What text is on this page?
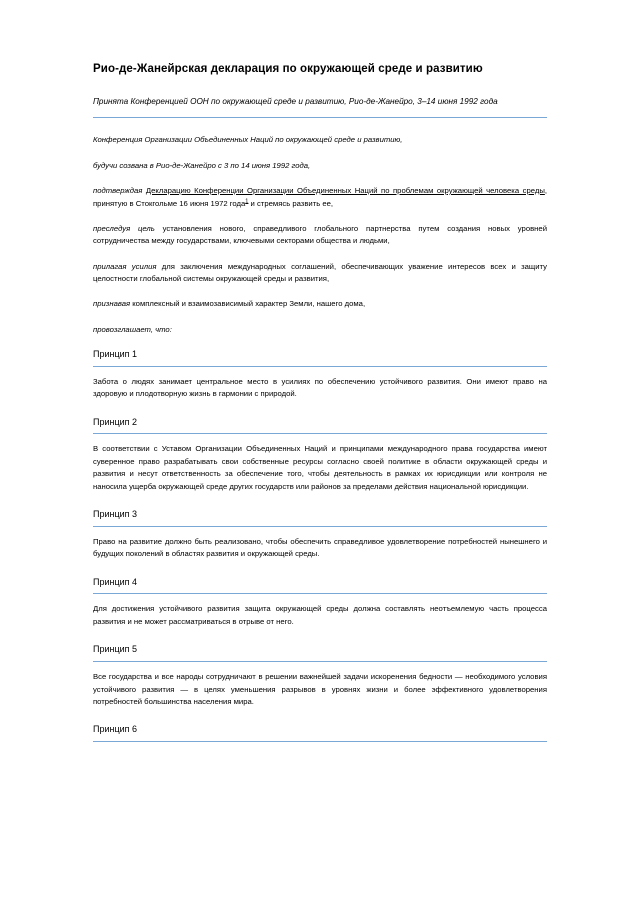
Рио-де-Жанейрская декларация по окружающей среде и развитию

Принята Конференцией ООН по окружающей среде и развитию, Рио-де-Жанейро, 3–14 июня 1992 года

Конференция Организации Объединенных Наций по окружающей среде и развитию,

будучи созвана в Рио-де-Жанейро с 3 по 14 июня 1992 года,

подтверждая Декларацию Конференции Организации Объединенных Наций по проблемам окружающей человека среды, принятую в Стокгольме 16 июня 1972 года$^1$ и стремясь развить ее,

преследуя цель установления нового, справедливого глобального партнерства путем создания новых уровней сотрудничества между государствами, ключевыми секторами общества и людьми,

прилагая усилия для заключения международных соглашений, обеспечивающих уважение интересов всех и защиту целостности глобальной системы окружающей среды и развития,

признавая комплексный и взаимозависимый характер Земли, нашего дома,

провозглашает, что:

Принцип 1

Забота о людях занимает центральное место в усилиях по обеспечению устойчивого развития. Они имеют право на здоровую и плодотворную жизнь в гармонии с природой.

Принцип 2

В соответствии с Уставом Организации Объединенных Наций и принципами международного права государства имеют суверенное право разрабатывать свои собственные ресурсы согласно своей политике в области окружающей среды и развития и несут ответственность за обеспечение того, чтобы деятельность в рамках их юрисдикции или контроля не наносила ущерба окружающей среде других государств или районов за пределами действия национальной юрисдикции.

Принцип 3

Право на развитие должно быть реализовано, чтобы обеспечить справедливое удовлетворение потребностей нынешнего и будущих поколений в областях развития и окружающей среды.

Принцип 4

Для достижения устойчивого развития защита окружающей среды должна составлять неотъемлемую часть процесса развития и не может рассматриваться в отрыве от него.

Принцип 5

Все государства и все народы сотрудничают в решении важнейшей задачи искоренения бедности — необходимого условия устойчивого развития — в целях уменьшения разрывов в уровнях жизни и более эффективного удовлетворения потребностей большинства населения мира.

Принцип 6
